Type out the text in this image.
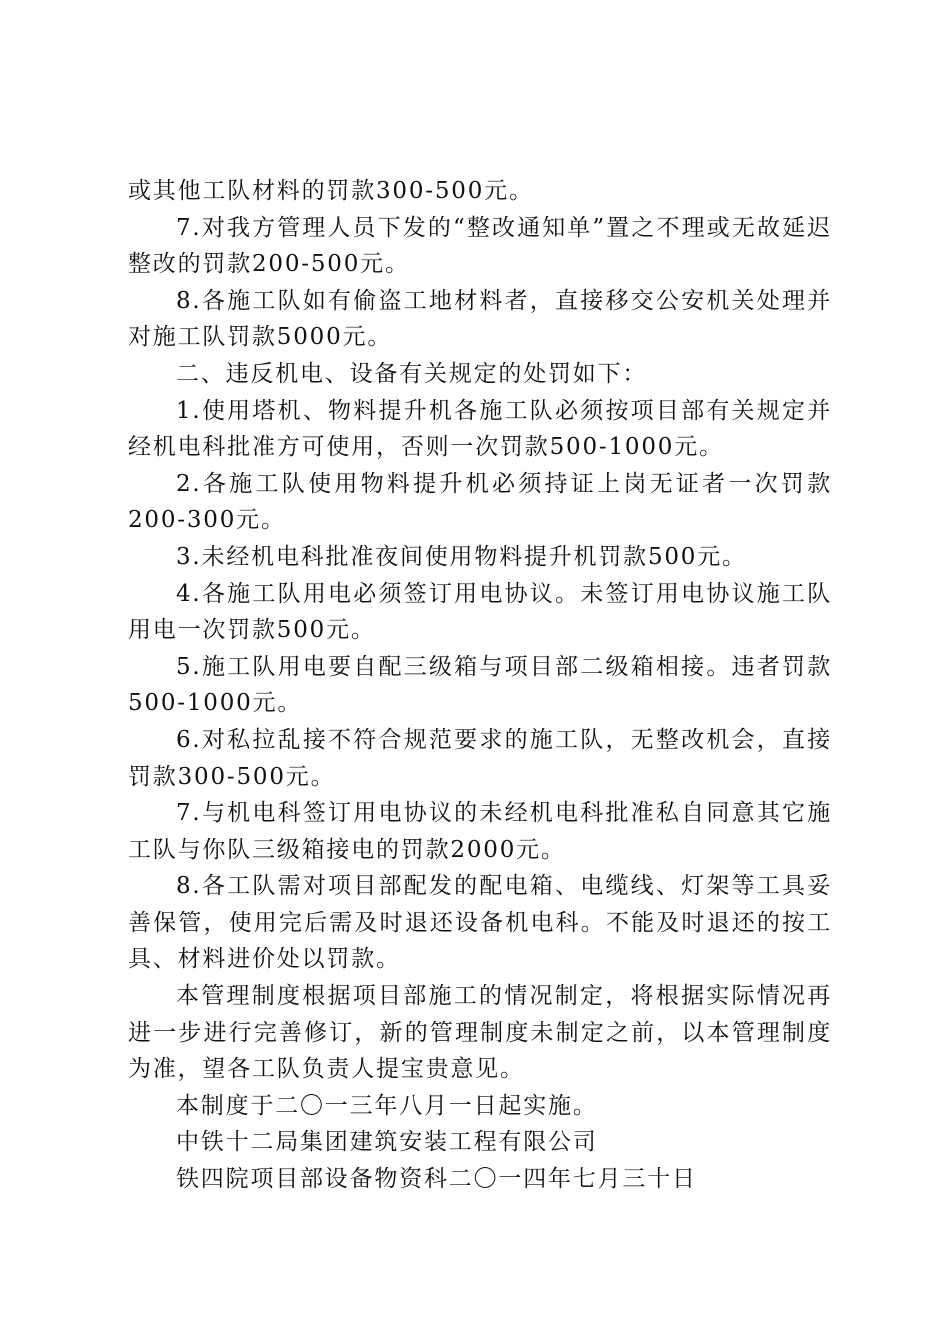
或其他工队材料的罚款300-500元。

7.对我方管理人员下发的“整改通知单”置之不理或无故延迟整改的罚款200-500元。

8.各施工队如有偷盗工地材料者，直接移交公安机关处理并对施工队罚款5000元。

二、违反机电、设备有关规定的处罚如下：

1.使用塔机、物料提升机各施工队必须按项目部有关规定并经机电科批准方可使用，否则一次罚款500-1000元。

2.各施工队使用物料提升机必须持证上岗无证者一次罚款200-300元。

3.未经机电科批准夜间使用物料提升机罚款500元。

4.各施工队用电必须签订用电协议。未签订用电协议施工队用电一次罚款500元。

5.施工队用电要自配三级箱与项目部二级箱相接。违者罚款500-1000元。

6.对私拉乱接不符合规范要求的施工队，无整改机会，直接罚款300-500元。

7.与机电科签订用电协议的未经机电科批准私自同意其它施工队与你队三级箱接电的罚款2000元。

8.各工队需对项目部配发的配电箱、电缆线、灯架等工具妥善保管，使用完后需及时退还设备机电科。不能及时退还的按工具、材料进价处以罚款。

本管理制度根据项目部施工的情况制定，将根据实际情况再进一步进行完善修订，新的管理制度未制定之前，以本管理制度为准，望各工队负责人提宝贵意见。

本制度于二〇一三年八月一日起实施。

中铁十二局集团建筑安装工程有限公司

铁四院项目部设备物资科二〇一四年七月三十日
